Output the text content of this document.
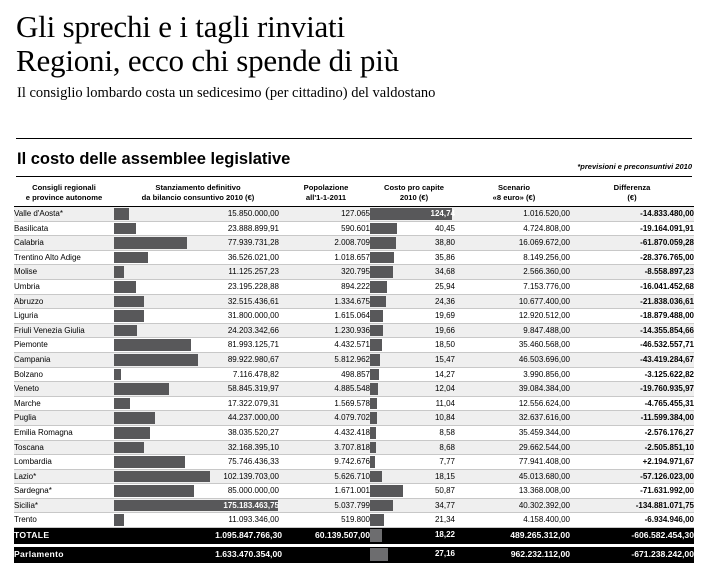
Gli sprechi e i tagli rinviati
Regioni, ecco chi spende di più
Il consiglio lombardo costa un sedicesimo (per cittadino) del valdostano
Il costo delle assemblee legislative	*previsioni e preconsuntivi 2010
Consigli regionali
e province autonome	Stanziamento definitivo
da bilancio consuntivo 2010 (€)	Popolazione
all'1-1-2011	Costo pro capite
2010 (€)	Scenario
«8 euro» (€)	Differenza
(€)
Valle d'Aosta*	15.850.000,00	127.065	124,74	1.016.520,00	-14.833.480,00
Basilicata	23.888.899,91	590.601	40,45	4.724.808,00	-19.164.091,91
Calabria	77.939.731,28	2.008.709	38,80	16.069.672,00	-61.870.059,28
Trentino Alto Adige	36.526.021,00	1.018.657	35,86	8.149.256,00	-28.376.765,00
Molise	11.125.257,23	320.795	34,68	2.566.360,00	-8.558.897,23
Umbria	23.195.228,88	894.222	25,94	7.153.776,00	-16.041.452,68
Abruzzo	32.515.436,61	1.334.675	24,36	10.677.400,00	-21.838.036,61
Liguria	31.800.000,00	1.615.064	19,69	12.920.512,00	-18.879.488,00
Friuli Venezia Giulia	24.203.342,66	1.230.936	19,66	9.847.488,00	-14.355.854,66
Piemonte	81.993.125,71	4.432.571	18,50	35.460.568,00	-46.532.557,71
Campania	89.922.980,67	5.812.962	15,47	46.503.696,00	-43.419.284,67
Bolzano	7.116.478,82	498.857	14,27	3.990.856,00	-3.125.622,82
Veneto	58.845.319,97	4.885.548	12,04	39.084.384,00	-19.760.935,97
Marche	17.322.079,31	1.569.578	11,04	12.556.624,00	-4.765.455,31
Puglia	44.237.000,00	4.079.702	10,84	32.637.616,00	-11.599.384,00
Emilia Romagna	38.035.520,27	4.432.418	8,58	35.459.344,00	-2.576.176,27
Toscana	32.168.395,10	3.707.818	8,68	29.662.544,00	-2.505.851,10
Lombardia	75.746.436,33	9.742.676	7,77	77.941.408,00	+2.194.971,67
Lazio*	102.139.703,00	5.626.710	18,15	45.013.680,00	-57.126.023,00
Sardegna*	85.000.000,00	1.671.001	50,87	13.368.008,00	-71.631.992,00
Sicilia*	175.183.463,75	5.037.799	34,77	40.302.392,00	-134.881.071,75
Trento	11.093.346,00	519.800	21,34	4.158.400,00	-6.934.946,00
TOTALE	1.095.847.766,30	60.139.507,00	18,22	489.265.312,00	-606.582.454,30

Parlamento	1.633.470.354,00		27,16	962.232.112,00	-671.238.242,00
